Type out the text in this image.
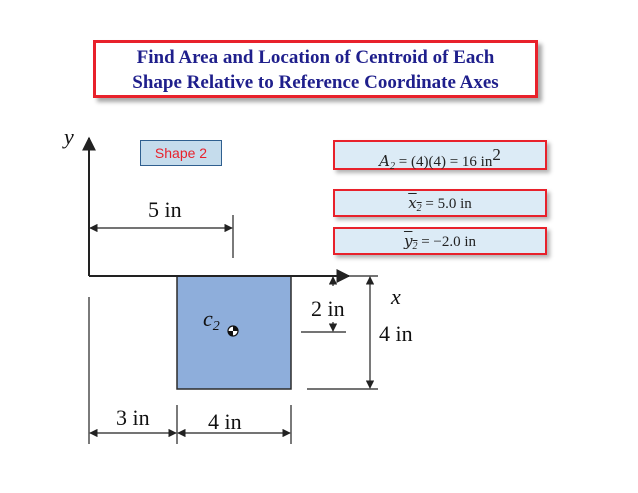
Find Area and Location of Centroid of Each
Shape Relative to Reference Coordinate Axes
Shape 2	$A_2 = (4)(4) = 16$ in2
$x_2 = 5.0$ in
$y_2 = -2.0$ in
y
x
c2
5 in
2 in
4 in
3 in	4 in
